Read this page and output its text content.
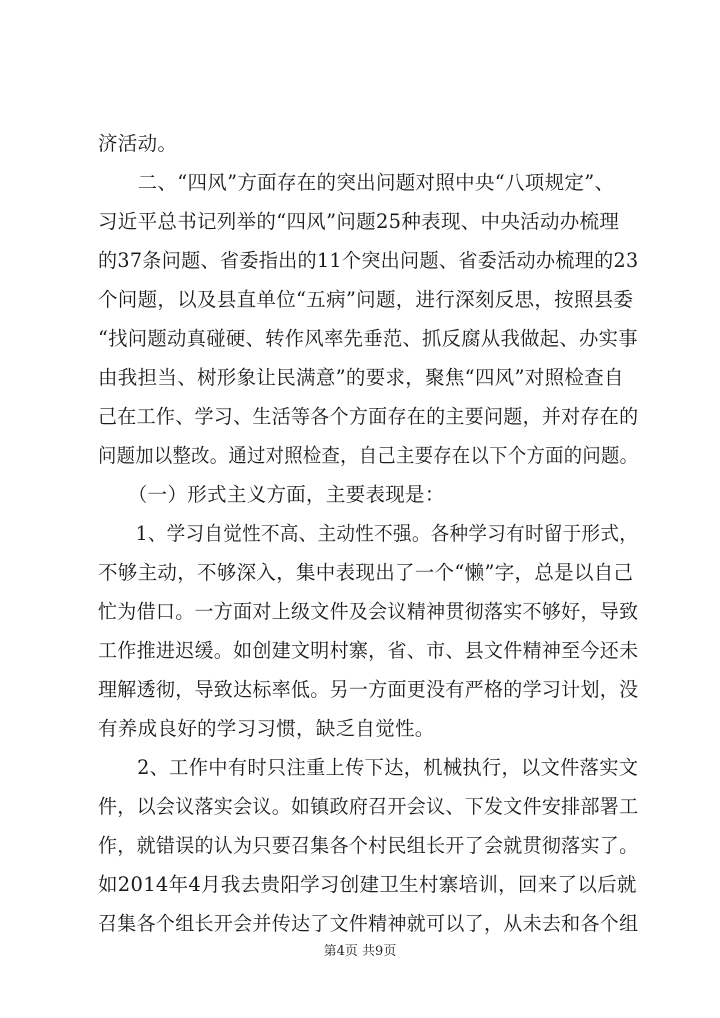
济活动。
　　二、“四风”方面存在的突出问题对照中央“八项规定”、
习近平总书记列举的“四风”问题25种表现、中央活动办梳理
的37条问题、省委指出的11个突出问题、省委活动办梳理的23
个问题，以及县直单位“五病”问题，进行深刻反思，按照县委
“找问题动真碰硬、转作风率先垂范、抓反腐从我做起、办实事
由我担当、树形象让民满意”的要求，聚焦“四风”对照检查自
己在工作、学习、生活等各个方面存在的主要问题，并对存在的
问题加以整改。通过对照检查，自己主要存在以下个方面的问题。
　　（一）形式主义方面，主要表现是：
　　1、学习自觉性不高、主动性不强。各种学习有时留于形式，
不够主动，不够深入，集中表现出了一个“懒”字，总是以自己
忙为借口。一方面对上级文件及会议精神贯彻落实不够好，导致
工作推进迟缓。如创建文明村寨，省、市、县文件精神至今还未
理解透彻，导致达标率低。另一方面更没有严格的学习计划，没
有养成良好的学习习惯，缺乏自觉性。
　　2、工作中有时只注重上传下达，机械执行，以文件落实文
件，以会议落实会议。如镇政府召开会议、下发文件安排部署工
作，就错误的认为只要召集各个村民组长开了会就贯彻落实了。
如2014年4月我去贵阳学习创建卫生村寨培训，回来了以后就
召集各个组长开会并传达了文件精神就可以了，从未去和各个组
第4页 共9页
